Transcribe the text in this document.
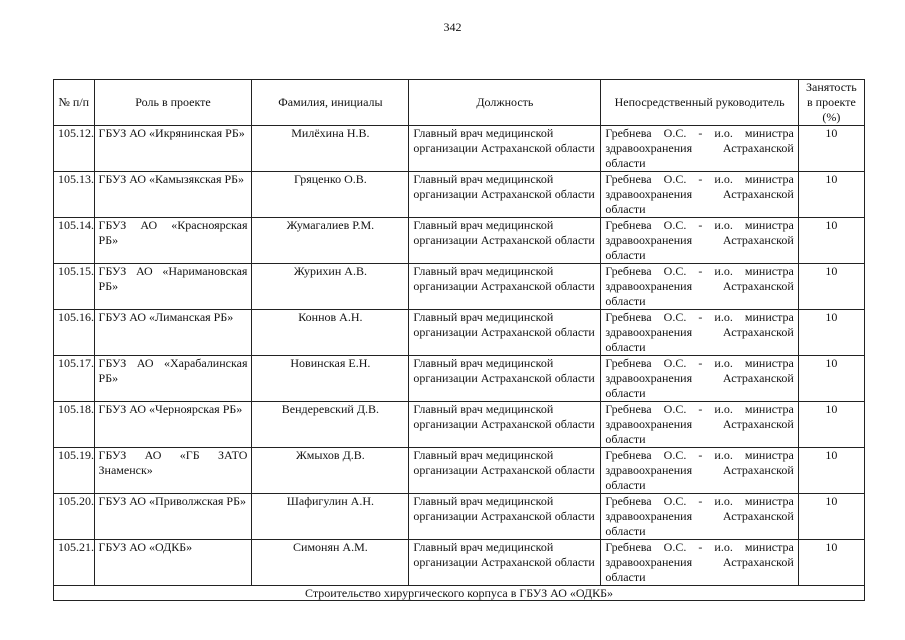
342
№ п/п	Роль в проекте	Фамилия, инициалы	Должность	Непосредственный руководитель	Занятость в проекте (%)
105.12.	ГБУЗ АО «Икрянинская РБ»	Милёхина Н.В.	Главный врач медицинской организации Астраханской области	Гребнева О.С. - и.о. министра здравоохранения Астраханской области	10
105.13.	ГБУЗ АО «Камызякская РБ»	Гряценко О.В.	Главный врач медицинской организации Астраханской области	Гребнева О.С. - и.о. министра здравоохранения Астраханской области	10
105.14.	ГБУЗ АО «Красноярская РБ»	Жумагалиев Р.М.	Главный врач медицинской организации Астраханской области	Гребнева О.С. - и.о. министра здравоохранения Астраханской области	10
105.15.	ГБУЗ АО «Наримановская РБ»	Журихин А.В.	Главный врач медицинской организации Астраханской области	Гребнева О.С. - и.о. министра здравоохранения Астраханской области	10
105.16.	ГБУЗ АО «Лиманская РБ»	Коннов А.Н.	Главный врач медицинской организации Астраханской области	Гребнева О.С. - и.о. министра здравоохранения Астраханской области	10
105.17.	ГБУЗ АО «Харабалинская РБ»	Новинская Е.Н.	Главный врач медицинской организации Астраханской области	Гребнева О.С. - и.о. министра здравоохранения Астраханской области	10
105.18.	ГБУЗ АО «Черноярская РБ»	Вендеревский Д.В.	Главный врач медицинской организации Астраханской области	Гребнева О.С. - и.о. министра здравоохранения Астраханской области	10
105.19.	ГБУЗ АО «ГБ ЗАТО Знаменск»	Жмыхов Д.В.	Главный врач медицинской организации Астраханской области	Гребнева О.С. - и.о. министра здравоохранения Астраханской области	10
105.20.	ГБУЗ АО «Приволжская РБ»	Шафигулин А.Н.	Главный врач медицинской организации Астраханской области	Гребнева О.С. - и.о. министра здравоохранения Астраханской области	10
105.21.	ГБУЗ АО «ОДКБ»	Симонян А.М.	Главный врач медицинской организации Астраханской области	Гребнева О.С. - и.о. министра здравоохранения Астраханской области	10
Строительство хирургического корпуса в ГБУЗ АО «ОДКБ»					
